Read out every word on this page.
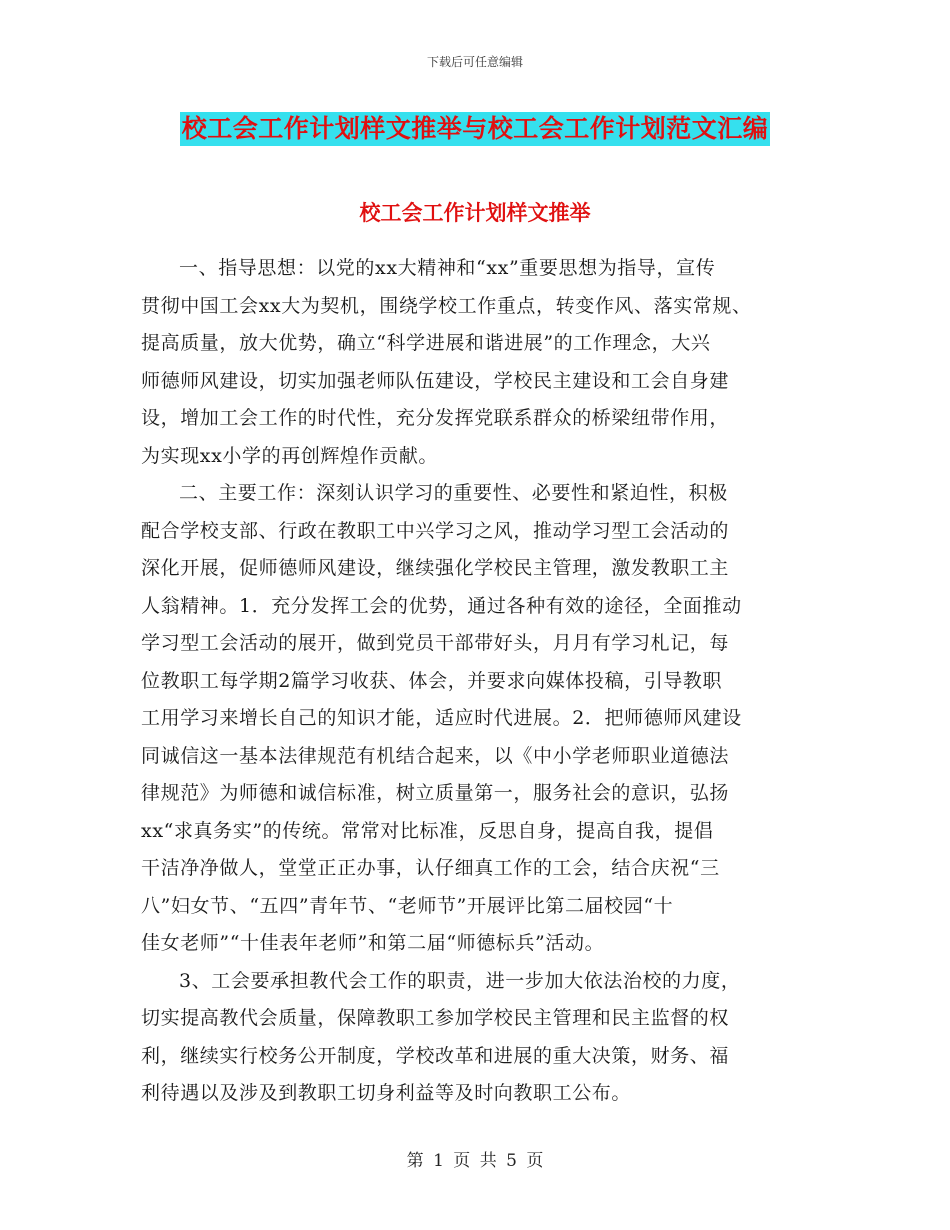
下载后可任意编辑
校工会工作计划样文推举与校工会工作计划范文汇编
校工会工作计划样文推举
一、指导思想：以党的xx大精神和“xx”重要思想为指导，宣传
贯彻中国工会xx大为契机，围绕学校工作重点，转变作风、落实常规、
提高质量，放大优势，确立“科学进展和谐进展”的工作理念，大兴
师德师风建设，切实加强老师队伍建设，学校民主建设和工会自身建
设，增加工会工作的时代性，充分发挥党联系群众的桥梁纽带作用，
为实现xx小学的再创辉煌作贡献。
二、主要工作：深刻认识学习的重要性、必要性和紧迫性，积极
配合学校支部、行政在教职工中兴学习之风，推动学习型工会活动的
深化开展，促师德师风建设，继续强化学校民主管理，激发教职工主
人翁精神。1．充分发挥工会的优势，通过各种有效的途径，全面推动
学习型工会活动的展开，做到党员干部带好头，月月有学习札记，每
位教职工每学期2篇学习收获、体会，并要求向媒体投稿，引导教职
工用学习来增长自己的知识才能，适应时代进展。2．把师德师风建设
同诚信这一基本法律规范有机结合起来，以《中小学老师职业道德法
律规范》为师德和诚信标准，树立质量第一，服务社会的意识，弘扬
xx“求真务实”的传统。常常对比标准，反思自身，提高自我，提倡
干洁净净做人，堂堂正正办事，认仔细真工作的工会，结合庆祝“三
八”妇女节、“五四”青年节、“老师节”开展评比第二届校园“十
佳女老师”“十佳表年老师”和第二届“师德标兵”活动。
3、工会要承担教代会工作的职责，进一步加大依法治校的力度，
切实提高教代会质量，保障教职工参加学校民主管理和民主监督的权
利，继续实行校务公开制度，学校改革和进展的重大决策，财务、福
利待遇以及涉及到教职工切身利益等及时向教职工公布。
第 1 页 共 5 页
